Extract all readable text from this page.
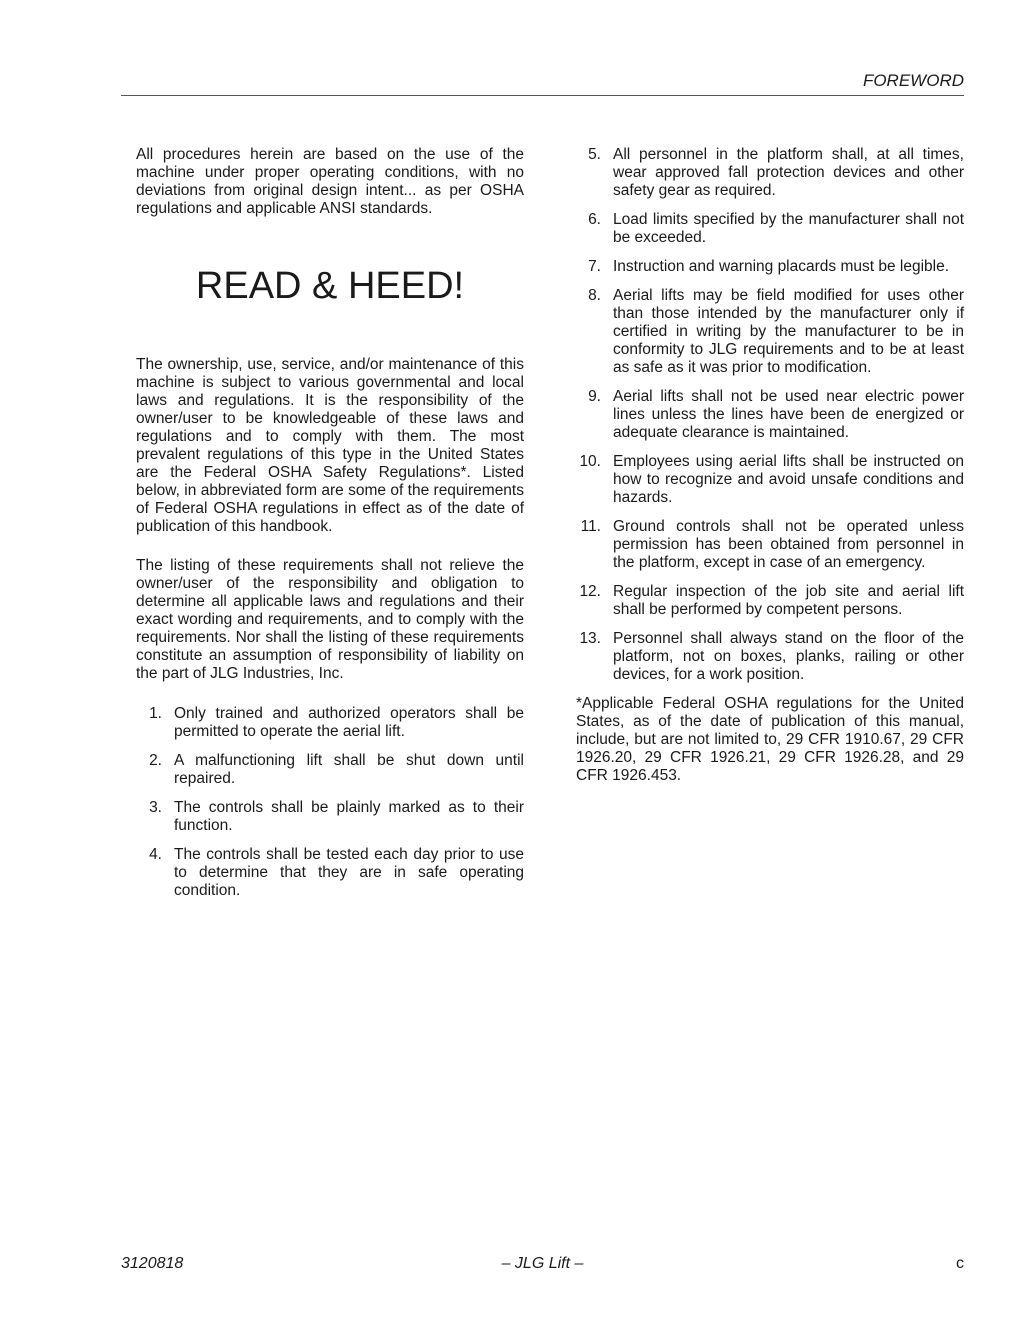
FOREWORD

All procedures herein are based on the use of the machine under proper operating conditions, with no deviations from original design intent... as per OSHA regulations and applicable ANSI standards.

READ & HEED!

The ownership, use, service, and/or maintenance of this machine is subject to various governmental and local laws and regulations. It is the responsibility of the owner/user to be knowledgeable of these laws and regulations and to comply with them. The most prevalent regulations of this type in the United States are the Federal OSHA Safety Regulations*. Listed below, in abbreviated form are some of the requirements of Federal OSHA regulations in effect as of the date of publication of this handbook.

The listing of these requirements shall not relieve the owner/user of the responsibility and obligation to determine all applicable laws and regulations and their exact wording and requirements, and to comply with the requirements. Nor shall the listing of these requirements constitute an assumption of responsibility of liability on the part of JLG Industries, Inc.

1. Only trained and authorized operators shall be permitted to operate the aerial lift.
2. A malfunctioning lift shall be shut down until repaired.
3. The controls shall be plainly marked as to their function.
4. The controls shall be tested each day prior to use to determine that they are in safe operating condition.
5. All personnel in the platform shall, at all times, wear approved fall protection devices and other safety gear as required.
6. Load limits specified by the manufacturer shall not be exceeded.
7. Instruction and warning placards must be legible.
8. Aerial lifts may be field modified for uses other than those intended by the manufacturer only if certified in writing by the manufacturer to be in conformity to JLG requirements and to be at least as safe as it was prior to modification.
9. Aerial lifts shall not be used near electric power lines unless the lines have been de energized or adequate clearance is maintained.
10. Employees using aerial lifts shall be instructed on how to recognize and avoid unsafe conditions and hazards.
11. Ground controls shall not be operated unless permission has been obtained from personnel in the platform, except in case of an emergency.
12. Regular inspection of the job site and aerial lift shall be performed by competent persons.
13. Personnel shall always stand on the floor of the platform, not on boxes, planks, railing or other devices, for a work position.

*Applicable Federal OSHA regulations for the United States, as of the date of publication of this manual, include, but are not limited to, 29 CFR 1910.67, 29 CFR 1926.20, 29 CFR 1926.21, 29 CFR 1926.28, and 29 CFR 1926.453.

3120818	– JLG Lift –	c
